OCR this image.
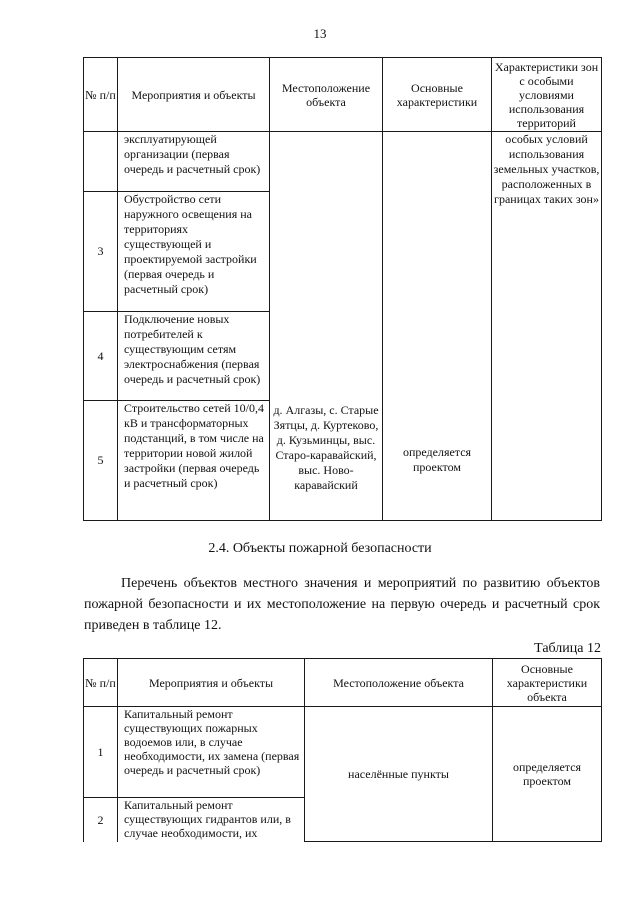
13
№ п/п	Мероприятия и объекты	Местоположение объекта	Основные характеристики	Характеристики зон с особыми условиями использования территорий
	эксплуатирующей организации (первая очередь и расчетный срок)			особых условий использования земельных участков, расположенных в границах таких зон»
3	Обустройство сети наружного освещения на территориях существующей и проектируемой застройки (первая очередь и расчетный срок)			
4	Подключение новых потребителей к существующим сетям электроснабжения (первая очередь и расчетный срок)			
5	Строительство сетей 10/0,4 кВ и трансформаторных подстанций, в том числе на территории новой жилой застройки (первая очередь и расчетный срок)	д. Алгазы, с. Старые Зятцы, д. Куртеково, д. Кузьминцы, выс. Старо-каравайский, выс. Ново-каравайский	определяется проектом	
2.4. Объекты пожарной безопасности
Перечень объектов местного значения и мероприятий по развитию объектов пожарной безопасности и их местоположение на первую очередь и расчетный срок приведен в таблице 12.
Таблица 12
№ п/п	Мероприятия и объекты	Местоположение объекта	Основные характеристики объекта
1	Капитальный ремонт существующих пожарных водоемов или, в случае необходимости, их замена (первая очередь и расчетный срок)	населённые пункты	определяется проектом
2	Капитальный ремонт существующих гидрантов или, в случае необходимости, их		
